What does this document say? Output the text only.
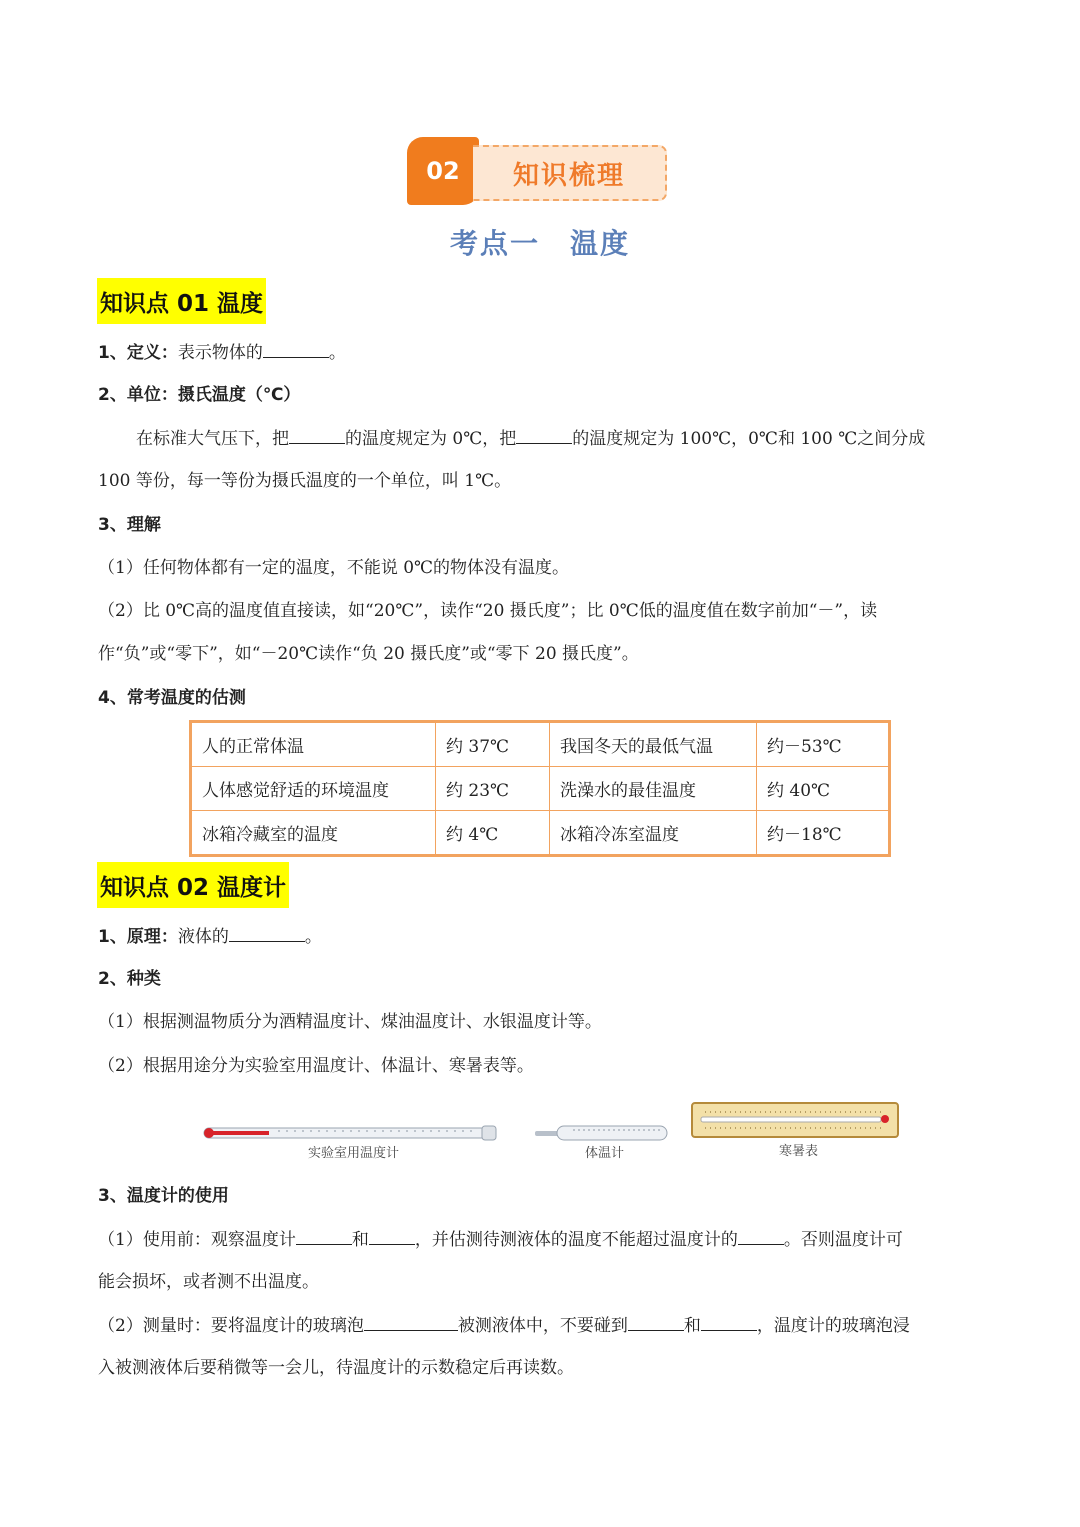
02	知识梳理
考点一　温度
知识点 01 温度
1、定义：表示物体的	。
2、单位：摄氏温度（℃）
在标准大气压下，把	的温度规定为 0℃，把	的温度规定为 100℃，0℃和 100 ℃之间分成
100 等份，每一等份为摄氏温度的一个单位，叫 1℃。
3、理解
（1）任何物体都有一定的温度，不能说 0℃的物体没有温度。
（2）比 0℃高的温度值直接读，如“20℃”，读作“20 摄氏度”；比 0℃低的温度值在数字前加“－”，读
作“负”或“零下”，如“－20℃读作“负 20 摄氏度”或“零下 20 摄氏度”。
4、常考温度的估测
人的正常体温	约 37℃	我国冬天的最低气温	约－53℃
人体感觉舒适的环境温度	约 23℃	洗澡水的最佳温度	约 40℃
冰箱冷藏室的温度	约 4℃	冰箱冷冻室温度	约－18℃
知识点 02 温度计
1、原理：液体的	。
2、种类
（1）根据测温物质分为酒精温度计、煤油温度计、水银温度计等。
（2）根据用途分为实验室用温度计、体温计、寒暑表等。
实验室用温度计	体温计	寒暑表
3、温度计的使用
（1）使用前：观察温度计	和	，并估测待测液体的温度不能超过温度计的	。否则温度计可
能会损坏，或者测不出温度。
（2）测量时：要将温度计的玻璃泡	被测液体中，不要碰到	和	，温度计的玻璃泡浸
入被测液体后要稍微等一会儿，待温度计的示数稳定后再读数。
